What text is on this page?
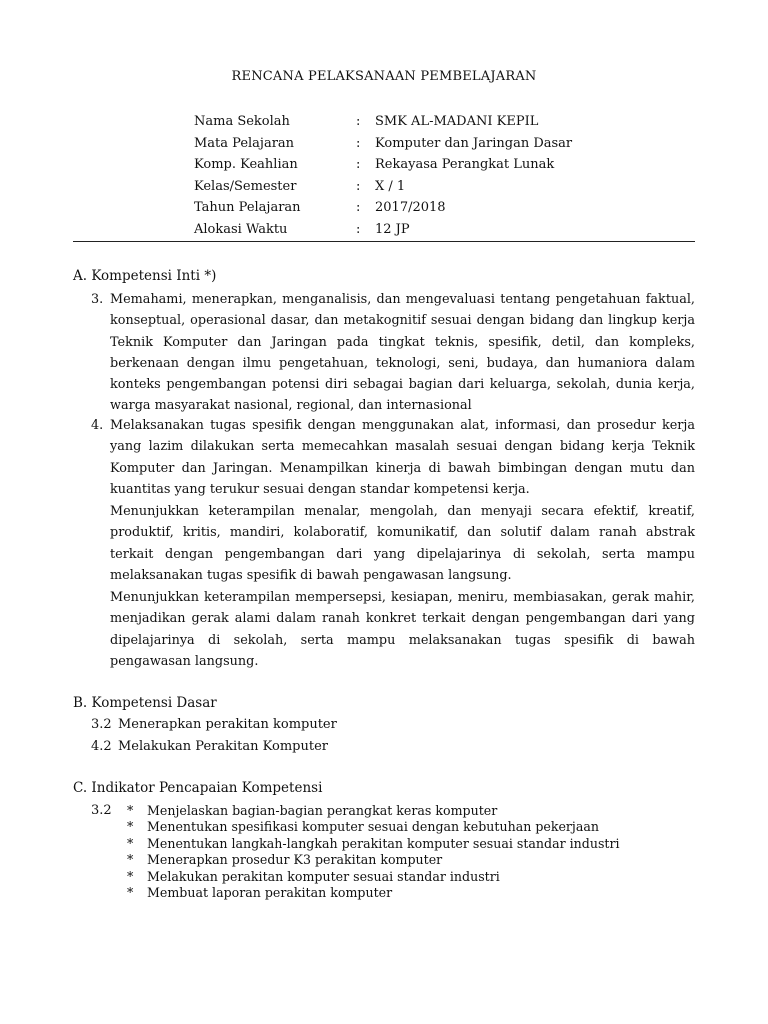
RENCANA PELAKSANAAN PEMBELAJARAN
Nama Sekolah	: SMK AL-MADANI KEPIL
Mata Pelajaran	: Komputer dan Jaringan Dasar
Komp. Keahlian	: Rekayasa Perangkat Lunak
Kelas/Semester	: X / 1
Tahun Pelajaran	: 2017/2018
Alokasi Waktu	: 12 JP
A. Kompetensi Inti *)
3. Memahami, menerapkan, menganalisis, dan mengevaluasi tentang pengetahuan faktual, konseptual, operasional dasar, dan metakognitif sesuai dengan bidang dan lingkup kerja Teknik Komputer dan Jaringan pada tingkat teknis, spesifik, detil, dan kompleks, berkenaan dengan ilmu pengetahuan, teknologi, seni, budaya, dan humaniora dalam konteks pengembangan potensi diri sebagai bagian dari keluarga, sekolah, dunia kerja, warga masyarakat nasional, regional, dan internasional
4. Melaksanakan tugas spesifik dengan menggunakan alat, informasi, dan prosedur kerja yang lazim dilakukan serta memecahkan masalah sesuai dengan bidang kerja Teknik Komputer dan Jaringan. Menampilkan kinerja di bawah bimbingan dengan mutu dan kuantitas yang terukur sesuai dengan standar kompetensi kerja.
Menunjukkan keterampilan menalar, mengolah, dan menyaji secara efektif, kreatif, produktif, kritis, mandiri, kolaboratif, komunikatif, dan solutif dalam ranah abstrak terkait dengan pengembangan dari yang dipelajarinya di sekolah, serta mampu melaksanakan tugas spesifik di bawah pengawasan langsung.
Menunjukkan keterampilan mempersepsi, kesiapan, meniru, membiasakan, gerak mahir, menjadikan gerak alami dalam ranah konkret terkait dengan pengembangan dari yang dipelajarinya di sekolah, serta mampu melaksanakan tugas spesifik di bawah pengawasan langsung.
B. Kompetensi Dasar
3.2 Menerapkan perakitan komputer
4.2 Melakukan Perakitan Komputer
C. Indikator Pencapaian Kompetensi
3.2 * Menjelaskan bagian-bagian perangkat keras komputer
* Menentukan spesifikasi komputer sesuai dengan kebutuhan pekerjaan
* Menentukan langkah-langkah perakitan komputer sesuai standar industri
* Menerapkan prosedur K3 perakitan komputer
* Melakukan perakitan komputer sesuai standar industri
* Membuat laporan perakitan komputer
